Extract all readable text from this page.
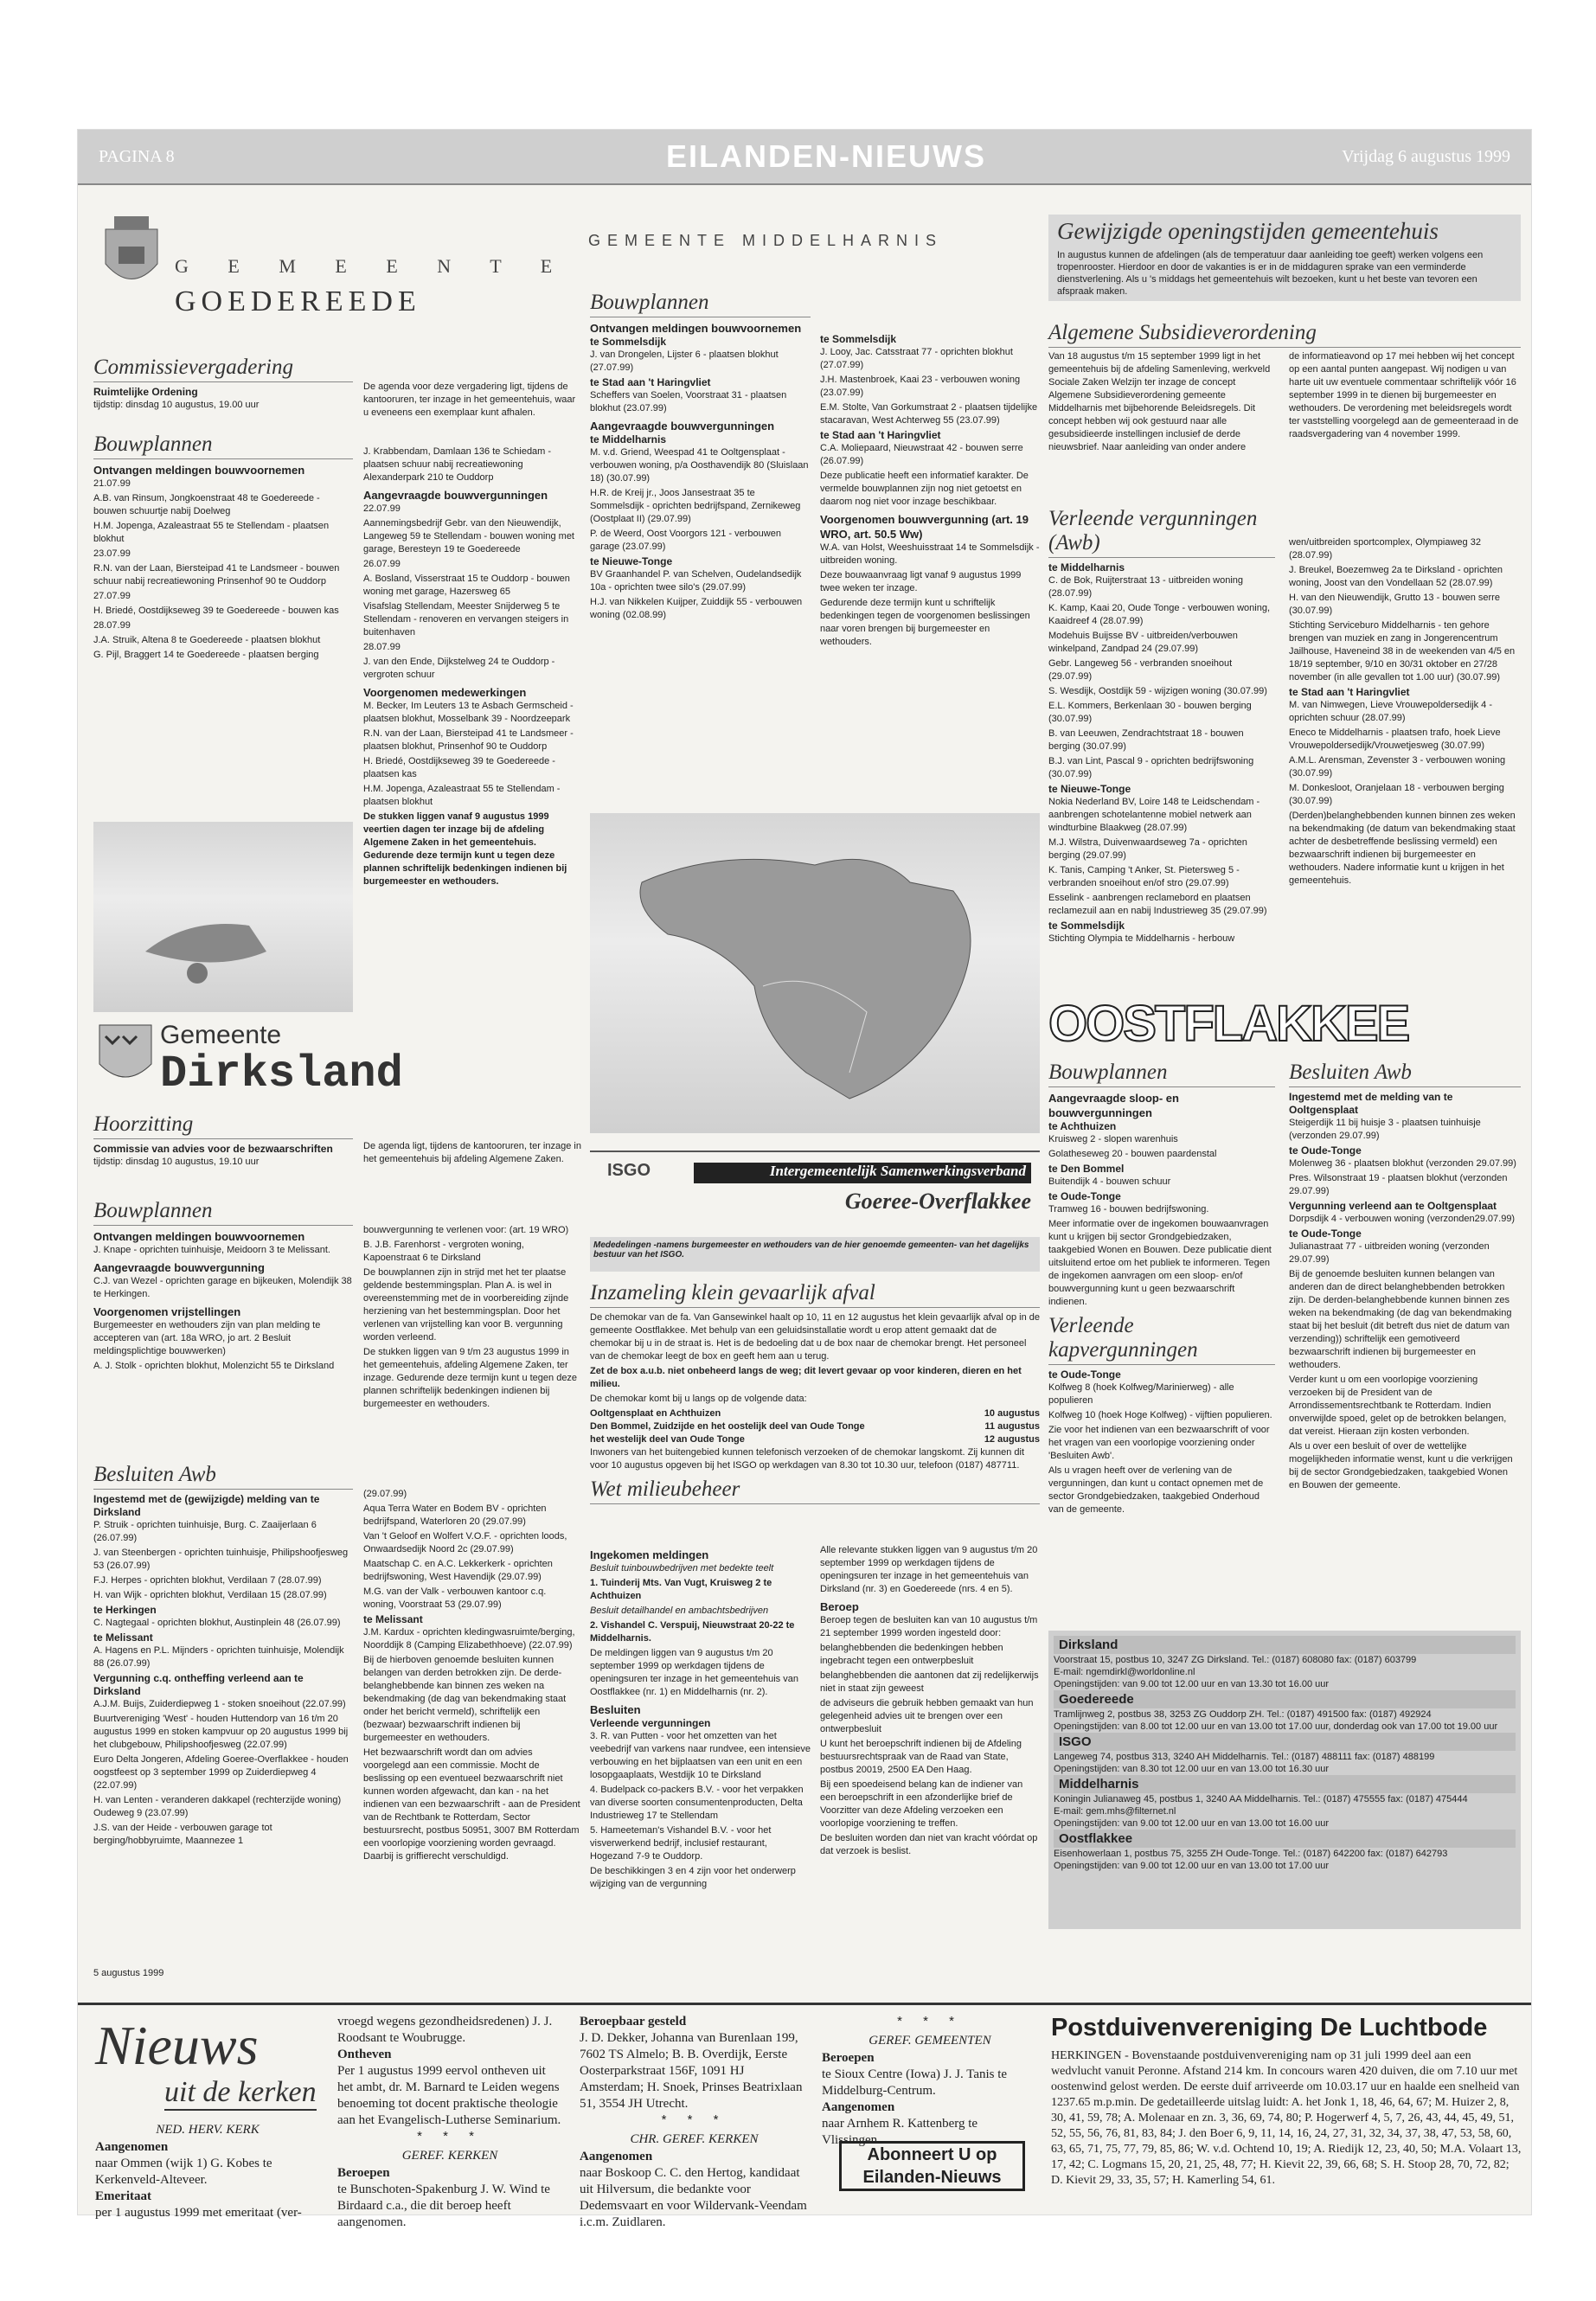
PAGINA 8	EILANDEN-NIEUWS	Vrijdag 6 augustus 1999
G E M E E N T E
GOEDEREEDE
Commissievergadering
Ruimtelijke Ordening

tijdstip: dinsdag 10 augustus, 19.00 uur

Bouwplannen
Ontvangen meldingen bouwvoornemen

21.07.99

A.B. van Rinsum, Jongkoenstraat 48 te Goedereede - bouwen schuurtje nabij Doelweg

H.M. Jopenga, Azaleastraat 55 te Stellendam - plaatsen blokhut

23.07.99

R.N. van der Laan, Biersteipad 41 te Landsmeer - bouwen schuur nabij recreatiewoning Prinsenhof 90 te Ouddorp

27.07.99

H. Briedé, Oostdijkseweg 39 te Goedereede - bouwen kas

28.07.99

J.A. Struik, Altena 8 te Goedereede - plaatsen blokhut

G. Pijl, Braggert 14 te Goedereede - plaatsen berging

De agenda voor deze vergadering ligt, tijdens de kantooruren, ter inzage in het gemeentehuis, waar u eveneens een exemplaar kunt afhalen.

J. Krabbendam, Damlaan 136 te Schiedam - plaatsen schuur nabij recreatiewoning Alexanderpark 210 te Ouddorp

Aangevraagde bouwvergunningen

22.07.99

Aannemingsbedrijf Gebr. van den Nieuwendijk, Langeweg 59 te Stellendam - bouwen woning met garage, Beresteyn 19 te Goedereede

26.07.99

A. Bosland, Visserstraat 15 te Ouddorp - bouwen woning met garage, Hazersweg 65

Visafslag Stellendam, Meester Snijderweg 5 te Stellendam - renoveren en vervangen steigers in buitenhaven

28.07.99

J. van den Ende, Dijkstelweg 24 te Ouddorp - vergroten schuur

Voorgenomen medewerkingen

M. Becker, Im Leuters 13 te Asbach Germscheid - plaatsen blokhut, Mosselbank 39 - Noordzeepark

R.N. van der Laan, Biersteipad 41 te Landsmeer - plaatsen blokhut, Prinsenhof 90 te Ouddorp

H. Briedé, Oostdijkseweg 39 te Goedereede - plaatsen kas

H.M. Jopenga, Azaleastraat 55 te Stellendam - plaatsen blokhut

De stukken liggen vanaf 9 augustus 1999 veertien dagen ter inzage bij de afdeling Algemene Zaken in het gemeentehuis. Gedurende deze termijn kunt u tegen deze plannen schriftelijk bedenkingen indienen bij burgemeester en wethouders.

Gemeente
Dirksland
Hoorzitting
Commissie van advies voor de bezwaarschriften

tijdstip: dinsdag 10 augustus, 19.10 uur

De agenda ligt, tijdens de kantooruren, ter inzage in het gemeentehuis bij afdeling Algemene Zaken.

Bouwplannen
Ontvangen meldingen bouwvoornemen

J. Knape - oprichten tuinhuisje, Meidoorn 3 te Melissant.

Aangevraagde bouwvergunning

C.J. van Wezel - oprichten garage en bijkeuken, Molendijk 38 te Herkingen.

Voorgenomen vrijstellingen

Burgemeester en wethouders zijn van plan melding te accepteren van (art. 18a WRO, jo art. 2 Besluit meldingsplichtige bouwwerken)

A. J. Stolk - oprichten blokhut, Molenzicht 55 te Dirksland

bouwvergunning te verlenen voor: (art. 19 WRO)

B. J.B. Farenhorst - vergroten woning, Kapoenstraat 6 te Dirksland

De bouwplannen zijn in strijd met het ter plaatse geldende bestemmingsplan. Plan A. is wel in overeenstemming met de in voorbereiding zijnde herziening van het bestemmingsplan. Door het verlenen van vrijstelling kan voor B. vergunning worden verleend.

De stukken liggen van 9 t/m 23 augustus 1999 in het gemeentehuis, afdeling Algemene Zaken, ter inzage. Gedurende deze termijn kunt u tegen deze plannen schriftelijk bedenkingen indienen bij burgemeester en wethouders.

Besluiten Awb
Ingestemd met de (gewijzigde) melding van te Dirksland

P. Struik - oprichten tuinhuisje, Burg. C. Zaaijerlaan 6 (26.07.99)

J. van Steenbergen - oprichten tuinhuisje, Philipshoofjesweg 53 (26.07.99)

F.J. Herpes - oprichten blokhut, Verdilaan 7 (28.07.99)

H. van Wijk - oprichten blokhut, Verdilaan 15 (28.07.99)

te Herkingen

C. Nagtegaal - oprichten blokhut, Austinplein 48 (26.07.99)

te Melissant

A. Hagens en P.L. Mijnders - oprichten tuinhuisje, Molendijk 88 (26.07.99)

Vergunning c.q. ontheffing verleend aan te Dirksland

A.J.M. Buijs, Zuiderdiepweg 1 - stoken snoeihout (22.07.99)

Buurtvereniging 'West' - houden Huttendorp van 16 t/m 20 augustus 1999 en stoken kampvuur op 20 augustus 1999 bij het clubgebouw, Philipshoofjesweg (22.07.99)

Euro Delta Jongeren, Afdeling Goeree-Overflakkee - houden oogstfeest op 3 september 1999 op Zuiderdiepweg 4 (22.07.99)

H. van Lenten - veranderen dakkapel (rechterzijde woning) Oudeweg 9 (23.07.99)

J.S. van der Heide - verbouwen garage tot berging/hobbyruimte, Maannezee 1

(29.07.99)

Aqua Terra Water en Bodem BV - oprichten bedrijfspand, Waterloren 20 (29.07.99)

Van 't Geloof en Wolfert V.O.F. - oprichten loods, Onwaardsedijk Noord 2c (29.07.99)

Maatschap C. en A.C. Lekkerkerk - oprichten bedrijfswoning, West Havendijk (29.07.99)

M.G. van der Valk - verbouwen kantoor c.q. woning, Voorstraat 53 (29.07.99)

te Melissant

J.M. Kardux - oprichten kledingwasruimte/berging, Noorddijk 8 (Camping Elizabethhoeve) (22.07.99)

Bij de hierboven genoemde besluiten kunnen belangen van derden betrokken zijn. De derde-belanghebbende kan binnen zes weken na bekendmaking (de dag van bekendmaking staat onder het bericht vermeld), schriftelijk een (bezwaar) bezwaarschrift indienen bij burgemeester en wethouders.

Het bezwaarschrift wordt dan om advies voorgelegd aan een commissie. Mocht de beslissing op een eventueel bezwaarschrift niet kunnen worden afgewacht, dan kan - na het indienen van een bezwaarschrift - aan de President van de Rechtbank te Rotterdam, Sector bestuursrecht, postbus 50951, 3007 BM Rotterdam een voorlopige voorziening worden gevraagd. Daarbij is griffierecht verschuldigd.

5 augustus 1999
GEMEENTE MIDDELHARNIS
Bouwplannen
Ontvangen meldingen bouwvoornemen
te Sommelsdijk

J. van Drongelen, Lijster 6 - plaatsen blokhut (27.07.99)

te Stad aan 't Haringvliet

Scheffers van Soelen, Voorstraat 31 - plaatsen blokhut (23.07.99)

Aangevraagde bouwvergunningen
te Middelharnis

M. v.d. Griend, Weespad 41 te Ooltgensplaat - verbouwen woning, p/a Oosthavendijk 80 (Sluislaan 18) (30.07.99)

H.R. de Kreij jr., Joos Jansestraat 35 te Sommelsdijk - oprichten bedrijfspand, Zernikeweg (Oostplaat II) (29.07.99)

P. de Weerd, Oost Voorgors 121 - verbouwen garage (23.07.99)

te Nieuwe-Tonge

BV Graanhandel P. van Schelven, Oudelandsedijk 10a - oprichten twee silo's (29.07.99)

H.J. van Nikkelen Kuijper, Zuiddijk 55 - verbouwen woning (02.08.99)

te Sommelsdijk

J. Looy, Jac. Catsstraat 77 - oprichten blokhut (27.07.99)

J.H. Mastenbroek, Kaai 23 - verbouwen woning (23.07.99)

E.M. Stolte, Van Gorkumstraat 2 - plaatsen tijdelijke stacaravan, West Achterweg 55 (23.07.99)

te Stad aan 't Haringvliet

C.A. Moliepaard, Nieuwstraat 42 - bouwen serre (26.07.99)

Deze publicatie heeft een informatief karakter. De vermelde bouwplannen zijn nog niet getoetst en daarom nog niet voor inzage beschikbaar.

Voorgenomen bouwvergunning (art. 19 WRO, art. 50.5 Ww)

W.A. van Holst, Weeshuisstraat 14 te Sommelsdijk - uitbreiden woning.

Deze bouwaanvraag ligt vanaf 9 augustus 1999 twee weken ter inzage.

Gedurende deze termijn kunt u schriftelijk bedenkingen tegen de voorgenomen beslissingen naar voren brengen bij burgemeester en wethouders.

Gewijzigde openingstijden gemeentehuis
In augustus kunnen de afdelingen (als de temperatuur daar aanleiding toe geeft) werken volgens een tropenrooster. Hierdoor en door de vakanties is er in de middaguren sprake van een verminderde dienstverlening. Als u 's middags het gemeentehuis wilt bezoeken, kunt u het beste van tevoren een afspraak maken.
Algemene Subsidieverordening

Van 18 augustus t/m 15 september 1999 ligt in het gemeentehuis bij de afdeling Samenleving, werkveld Sociale Zaken Welzijn ter inzage de concept Algemene Subsidieverordening gemeente Middelharnis met bijbehorende Beleidsregels. Dit concept hebben wij ook gestuurd naar alle gesubsidieerde instellingen inclusief de derde nieuwsbrief. Naar aanleiding van onder andere

de informatieavond op 17 mei hebben wij het concept op een aantal punten aangepast. Wij nodigen u van harte uit uw eventuele commentaar schriftelijk vóór 16 september 1999 in te dienen bij burgemeester en wethouders. De verordening met beleidsregels wordt ter vaststelling voorgelegd aan de gemeenteraad in de raadsvergadering van 4 november 1999.

Verleende vergunningen (Awb)
te Middelharnis

C. de Bok, Ruijterstraat 13 - uitbreiden woning (28.07.99)

K. Kamp, Kaai 20, Oude Tonge - verbouwen woning, Kaaidreef 4 (28.07.99)

Modehuis Buijsse BV - uitbreiden/verbouwen winkelpand, Zandpad 24 (29.07.99)

Gebr. Langeweg 56 - verbranden snoeihout (29.07.99)

S. Wesdijk, Oostdijk 59 - wijzigen woning (30.07.99)

E.L. Kommers, Berkenlaan 30 - bouwen berging (30.07.99)

B. van Leeuwen, Zendrachtstraat 18 - bouwen berging (30.07.99)

B.J. van Lint, Pascal 9 - oprichten bedrijfswoning (30.07.99)

te Nieuwe-Tonge

Nokia Nederland BV, Loire 148 te Leidschendam - aanbrengen schotelantenne mobiel netwerk aan windturbine Blaakweg (28.07.99)

M.J. Wilstra, Duivenwaardseweg 7a - oprichten berging (29.07.99)

K. Tanis, Camping 't Anker, St. Pietersweg 5 - verbranden snoeihout en/of stro (29.07.99)

Esselink - aanbrengen reclamebord en plaatsen reclamezuil aan en nabij Industrieweg 35 (29.07.99)

te Sommelsdijk

Stichting Olympia te Middelharnis - herbouw

wen/uitbreiden sportcomplex, Olympiaweg 32 (28.07.99)

J. Breukel, Boezemweg 2a te Dirksland - oprichten woning, Joost van den Vondellaan 52 (28.07.99)

H. van den Nieuwendijk, Grutto 13 - bouwen serre (30.07.99)

Stichting Serviceburo Middelharnis - ten gehore brengen van muziek en zang in Jongerencentrum Jailhouse, Haveneind 38 in de weekenden van 4/5 en 18/19 september, 9/10 en 30/31 oktober en 27/28 november (in alle gevallen tot 1.00 uur) (30.07.99)

te Stad aan 't Haringvliet

M. van Nimwegen, Lieve Vrouwepoldersedijk 4 - oprichten schuur (28.07.99)

Eneco te Middelharnis - plaatsen trafo, hoek Lieve Vrouwepoldersedijk/Vrouwetjesweg (30.07.99)

A.M.L. Arensman, Zevenster 3 - verbouwen woning (30.07.99)

M. Donkesloot, Oranjelaan 18 - verbouwen berging (30.07.99)

(Derden)belanghebbenden kunnen binnen zes weken na bekendmaking (de datum van bekendmaking staat achter de desbetreffende beslissing vermeld) een bezwaarschrift indienen bij burgemeester en wethouders. Nadere informatie kunt u krijgen in het gemeentehuis.

OOSTFLAKKEE
Bouwplannen
Aangevraagde sloop- en bouwvergunningen
te Achthuizen

Kruisweg 2 - slopen warenhuis

Golatheseweg 20 - bouwen paardenstal

te Den Bommel

Buitendijk 4 - bouwen schuur

te Oude-Tonge

Tramweg 16 - bouwen bedrijfswoning.

Meer informatie over de ingekomen bouwaanvragen kunt u krijgen bij sector Grondgebiedzaken, taakgebied Wonen en Bouwen. Deze publicatie dient uitsluitend ertoe om het publiek te informeren. Tegen de ingekomen aanvragen om een sloop- en/of bouwvergunning kunt u geen bezwaarschrift indienen.

Verleende kapvergunningen
te Oude-Tonge

Kolfweg 8 (hoek Kolfweg/Marinierweg) - alle populieren

Kolfweg 10 (hoek Hoge Kolfweg) - vijftien populieren.

Zie voor het indienen van een bezwaarschrift of voor het vragen van een voorlopige voorziening onder 'Besluiten Awb'.

Als u vragen heeft over de verlening van de vergunningen, dan kunt u contact opnemen met de sector Grondgebiedzaken, taakgebied Onderhoud van de gemeente.

Besluiten Awb
Ingestemd met de melding van te Ooltgensplaat

Steigerdijk 11 bij huisje 3 - plaatsen tuinhuisje (verzonden 29.07.99)

te Oude-Tonge

Molenweg 36 - plaatsen blokhut (verzonden 29.07.99)

Pres. Wilsonstraat 19 - plaatsen blokhut (verzonden 29.07.99)

Vergunning verleend aan te Ooltgensplaat

Dorpsdijk 4 - verbouwen woning (verzonden29.07.99)

te Oude-Tonge

Julianastraat 77 - uitbreiden woning (verzonden 29.07.99)

Bij de genoemde besluiten kunnen belangen van anderen dan de direct belanghebbenden betrokken zijn. De derden-belanghebbende kunnen binnen zes weken na bekendmaking (de dag van bekendmaking staat bij het besluit (dit betreft dus niet de datum van verzending)) schriftelijk een gemotiveerd bezwaarschrift indienen bij burgemeester en wethouders.

Verder kunt u om een voorlopige voorziening verzoeken bij de President van de Arrondissementsrechtbank te Rotterdam. Indien onverwijlde spoed, gelet op de betrokken belangen, dat vereist. Hieraan zijn kosten verbonden.

Als u over een besluit of over de wettelijke mogelijkheden informatie wenst, kunt u die verkrijgen bij de sector Grondgebiedzaken, taakgebied Wonen en Bouwen der gemeente.

ISGO	Intergemeentelijk Samenwerkingsverband
Goeree-Overflakkee
Mededelingen -namens burgemeester en wethouders van de hier genoemde gemeenten- van het dagelijks bestuur van het ISGO.
Inzameling klein gevaarlijk afval

De chemokar van de fa. Van Gansewinkel haalt op 10, 11 en 12 augustus het klein gevaarlijk afval op in de gemeente Oostflakkee. Met behulp van een geluidsinstallatie wordt u erop attent gemaakt dat de chemokar bij u in de straat is. Het is de bedoeling dat u de box naar de chemokar brengt. Het personeel van de chemokar leegt de box en geeft hem aan u terug.

Zet de box a.u.b. niet onbeheerd langs de weg; dit levert gevaar op voor kinderen, dieren en het milieu.

De chemokar komt bij u langs op de volgende data:

Ooltgensplaat en Achthuizen	10 augustus
Den Bommel, Zuidzijde en het oostelijk deel van Oude Tonge	11 augustus
het westelijk deel van Oude Tonge	12 augustus

Inwoners van het buitengebied kunnen telefonisch verzoeken of de chemokar langskomt. Zij kunnen dit voor 10 augustus opgeven bij het ISGO op werkdagen van 8.30 tot 10.30 uur, telefoon (0187) 487711.

Wet milieubeheer
Ingekomen meldingen

Besluit tuinbouwbedrijven met bedekte teelt

1. Tuinderij Mts. Van Vugt, Kruisweg 2 te Achthuizen

Besluit detailhandel en ambachtsbedrijven

2. Vishandel C. Verspuij, Nieuwstraat 20-22 te Middelharnis.

De meldingen liggen van 9 augustus t/m 20 september 1999 op werkdagen tijdens de openingsuren ter inzage in het gemeentehuis van Oostflakkee (nr. 1) en Middelharnis (nr. 2).

Besluiten
Verleende vergunningen

3. R. van Putten - voor het omzetten van het veebedrijf van varkens naar rundvee, een intensieve verbouwing en het bijplaatsen van een unit en een losopgaaplaats, Westdijk 10 te Dirksland

4. Budelpack co-packers B.V. - voor het verpakken van diverse soorten consumentenproducten, Delta Industrieweg 17 te Stellendam

5. Hameeteman's Vishandel B.V. - voor het visverwerkend bedrijf, inclusief restaurant, Hogezand 7-9 te Ouddorp.

De beschikkingen 3 en 4 zijn voor het onderwerp wijziging van de vergunning

Alle relevante stukken liggen van 9 augustus t/m 20 september 1999 op werkdagen tijdens de openingsuren ter inzage in het gemeentehuis van Dirksland (nr. 3) en Goedereede (nrs. 4 en 5).

Beroep

Beroep tegen de besluiten kan van 10 augustus t/m 21 september 1999 worden ingesteld door:

belanghebbenden die bedenkingen hebben ingebracht tegen een ontwerpbesluit

belanghebbenden die aantonen dat zij redelijkerwijs niet in staat zijn geweest

de adviseurs die gebruik hebben gemaakt van hun gelegenheid advies uit te brengen over een ontwerpbesluit

U kunt het beroepschrift indienen bij de Afdeling bestuursrechtspraak van de Raad van State, postbus 20019, 2500 EA Den Haag.

Bij een spoedeisend belang kan de indiener van een beroepschrift in een afzonderlijke brief de Voorzitter van deze Afdeling verzoeken een voorlopige voorziening te treffen.

De besluiten worden dan niet van kracht vóórdat op dat verzoek is beslist.

Dirksland

Voorstraat 15, postbus 10, 3247 ZG Dirksland. Tel.: (0187) 608080 fax: (0187) 603799

E-mail: ngemdirkl@worldonline.nl

Openingstijden: van 9.00 tot 12.00 uur en van 13.30 tot 16.00 uur

Goedereede

Tramlijnweg 2, postbus 38, 3253 ZG Ouddorp ZH. Tel.: (0187) 491500 fax: (0187) 492924

Openingstijden: van 8.00 tot 12.00 uur en van 13.00 tot 17.00 uur, donderdag ook van 17.00 tot 19.00 uur

ISGO

Langeweg 74, postbus 313, 3240 AH Middelharnis. Tel.: (0187) 488111 fax: (0187) 488199

Openingstijden: van 8.30 tot 12.00 uur en van 13.00 tot 16.30 uur

Middelharnis

Koningin Julianaweg 45, postbus 1, 3240 AA Middelharnis. Tel.: (0187) 475555 fax: (0187) 475444

E-mail: gem.mhs@filternet.nl

Openingstijden: van 9.00 tot 12.00 uur en van 13.00 tot 16.00 uur

Oostflakkee

Eisenhowerlaan 1, postbus 75, 3255 ZH Oude-Tonge. Tel.: (0187) 642200 fax: (0187) 642793

Openingstijden: van 9.00 tot 12.00 uur en van 13.00 tot 17.00 uur

Nieuws
uit de kerken
NED. HERV. KERK

Aangenomen

naar Ommen (wijk 1) G. Kobes te Kerkenveld-Alteveer.

Emeritaat

per 1 augustus 1999 met emeritaat (ver-

vroegd wegens gezondheidsredenen) J. J. Roodsant te Woubrugge.

Ontheven

Per 1 augustus 1999 eervol ontheven uit het ambt, dr. M. Barnard te Leiden wegens benoeming tot docent praktische theologie aan het Evangelisch-Lutherse Seminarium.

* * *
GEREF. KERKEN

Beroepen

te Bunschoten-Spakenburg J. W. Wind te Birdaard c.a., die dit beroep heeft aangenomen.

Beroepbaar gesteld

J. D. Dekker, Johanna van Burenlaan 199, 7602 TS Almelo; B. B. Overdijk, Eerste Oosterparkstraat 156F, 1091 HJ Amsterdam; H. Snoek, Prinses Beatrixlaan 51, 3554 JH Utrecht.

* * *
CHR. GEREF. KERKEN

Aangenomen

naar Boskoop C. C. den Hertog, kandidaat uit Hilversum, die bedankte voor Dedemsvaart en voor Wildervank-Veendam i.c.m. Zuidlaren.

* * *
GEREF. GEMEENTEN

Beroepen

te Sioux Centre (Iowa) J. J. Tanis te Middelburg-Centrum.

Aangenomen

naar Arnhem R. Kattenberg te Vlissingen.

Abonneert U op Eilanden-Nieuws
Postduivenvereniging De Luchtbode
HERKINGEN - Bovenstaande postduivenvereniging nam op 31 juli 1999 deel aan een wedvlucht vanuit Peronne. Afstand 214 km. In concours waren 420 duiven, die om 7.10 uur met oostenwind gelost werden. De eerste duif arriveerde om 10.03.17 uur en haalde een snelheid van 1237.65 m.p.min. De gedetailleerde uitslag luidt: A. het Jonk 1, 18, 46, 64, 67; M. Huizer 2, 8, 30, 41, 59, 78; A. Molenaar en zn. 3, 36, 69, 74, 80; P. Hogerwerf 4, 5, 7, 26, 43, 44, 45, 49, 51, 52, 55, 56, 76, 81, 83, 84; J. den Boer 6, 9, 11, 14, 16, 24, 27, 31, 32, 34, 37, 38, 47, 53, 58, 60, 63, 65, 71, 75, 77, 79, 85, 86; W. v.d. Ochtend 10, 19; A. Riedijk 12, 23, 40, 50; M.A. Volaart 13, 17, 42; C. Logmans 15, 20, 21, 25, 48, 77; H. Kievit 22, 39, 66, 68; S. H. Stoop 28, 70, 72, 82; D. Kievit 29, 33, 35, 57; H. Kamerling 54, 61.
